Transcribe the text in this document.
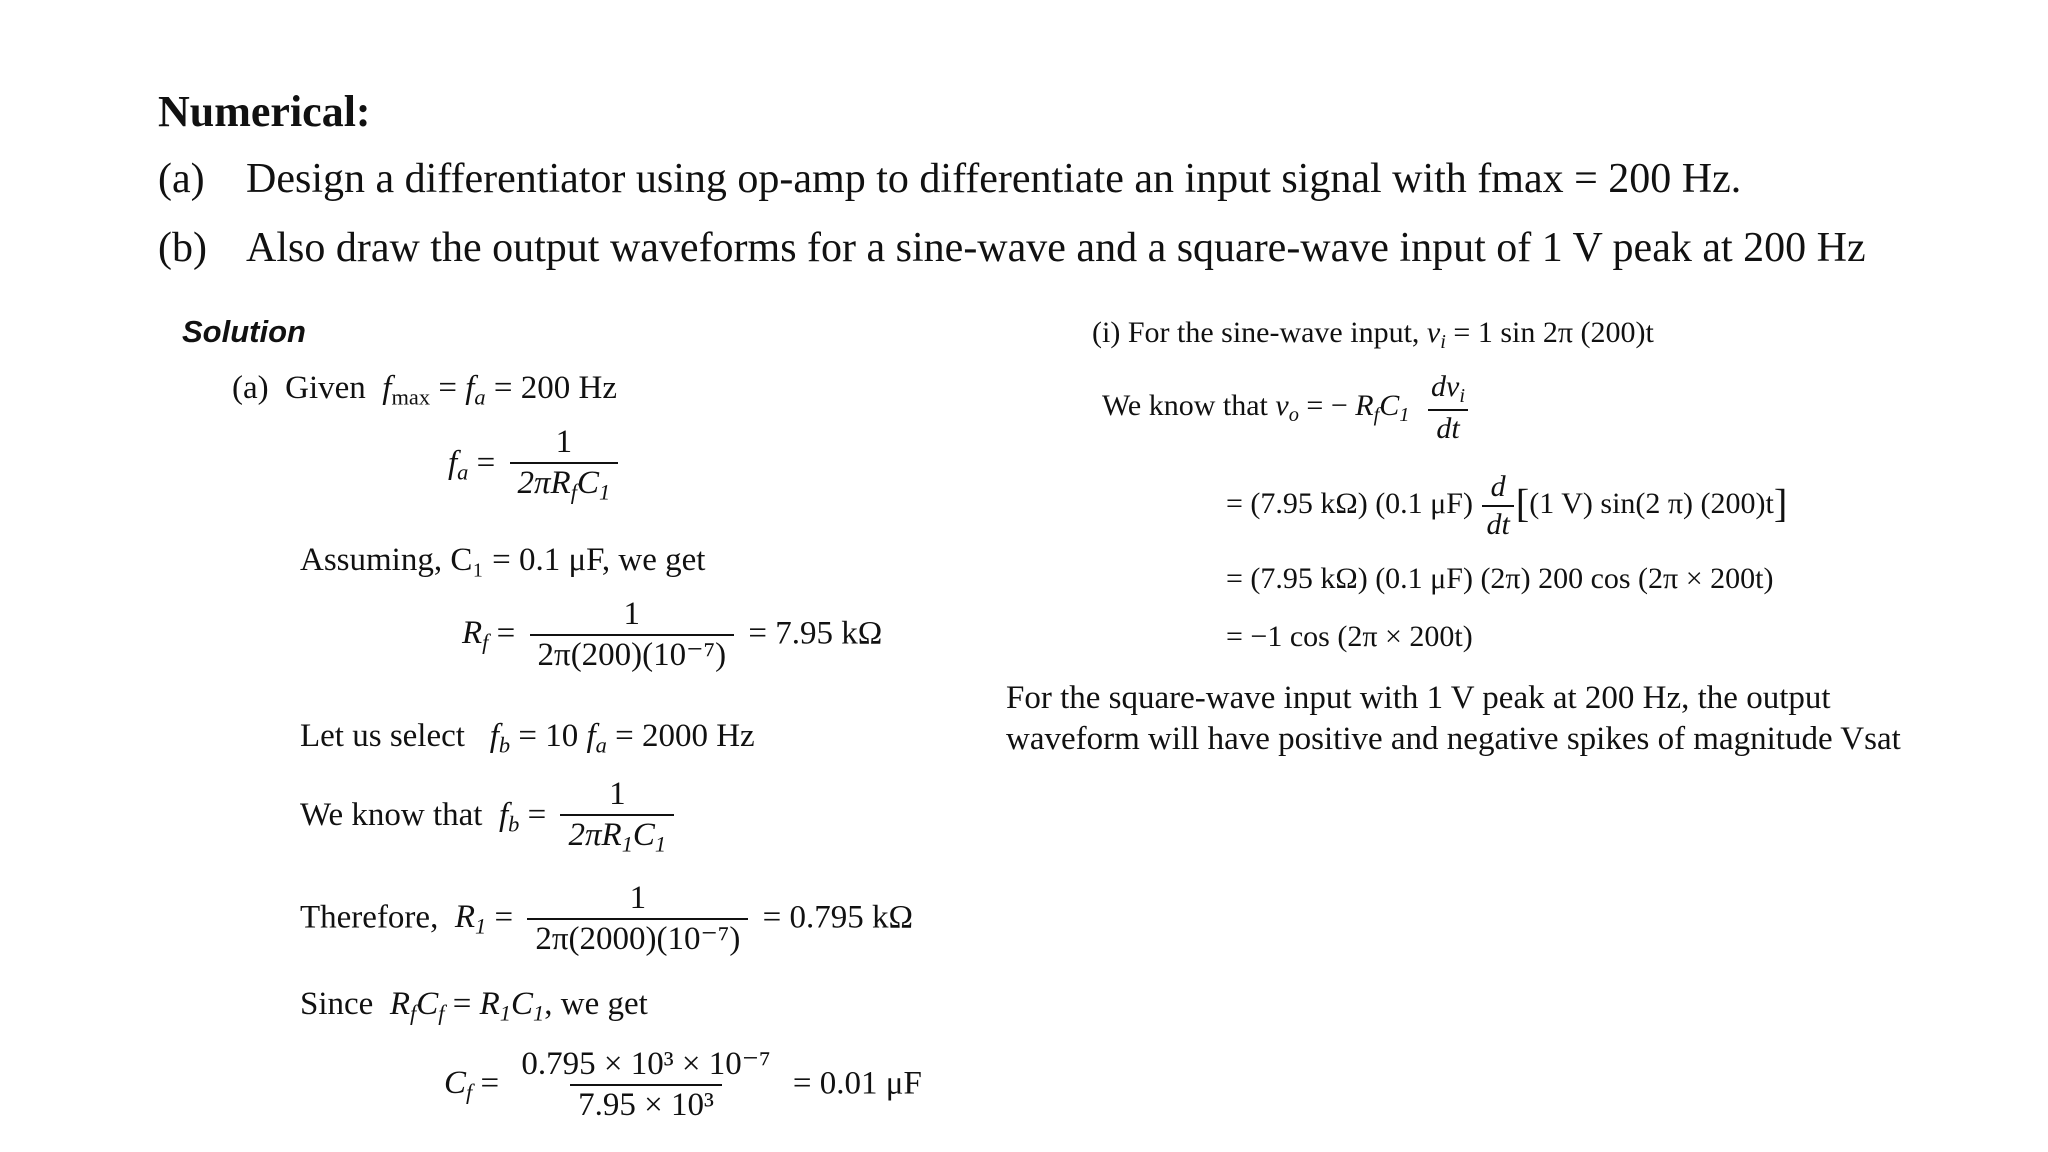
Numerical:
(a) Design a differentiator using op-amp to differentiate an input signal with fmax = 200 Hz.
(b) Also draw the output waveforms for a sine-wave and a square-wave input of 1 V peak at 200 Hz
Solution
(a) Given $f_{max} = f_a = 200$ Hz
$f_a = \frac{1}{2\pi R_fC_1}$
Assuming, C₁ = 0.1 μF, we get
$R_f = \frac{1}{\text{2π(200)(10⁻⁷)}} = 7.95$ kΩ
Let us select $f_b = 10$ $f_a = 2000$ Hz
We know that $f_b = \frac{1}{2\pi R_1C_1}$
Therefore, $R_1 = \frac{1}{\text{2π(2000)(10⁻⁷)}} = 0.795$ kΩ
Since $R_fC_f = R_1C_1$, we get
$C_f = \frac{\text{0.795 × 10³ × 10⁻⁷}}{\text{7.95 × 10³}} = 0.01$ μF
(i) For the sine-wave input, $v_i = 1$ sin 2π (200)t
We know that $v_o$ = − $R_fC_1 \frac{dv_i}{dt}$
= (7.95 kΩ) (0.1 $\mu F) \frac{d}{dt} [(1$ V) sin(2 π) (200)t]
= (7.95 kΩ) (0.1 μF) (2π) 200 cos (2π × 200t)
= −1 cos (2π × 200t)
For the square-wave input with 1 V peak at 200 Hz, the output waveform will have positive and negative spikes of magnitude Vsat
